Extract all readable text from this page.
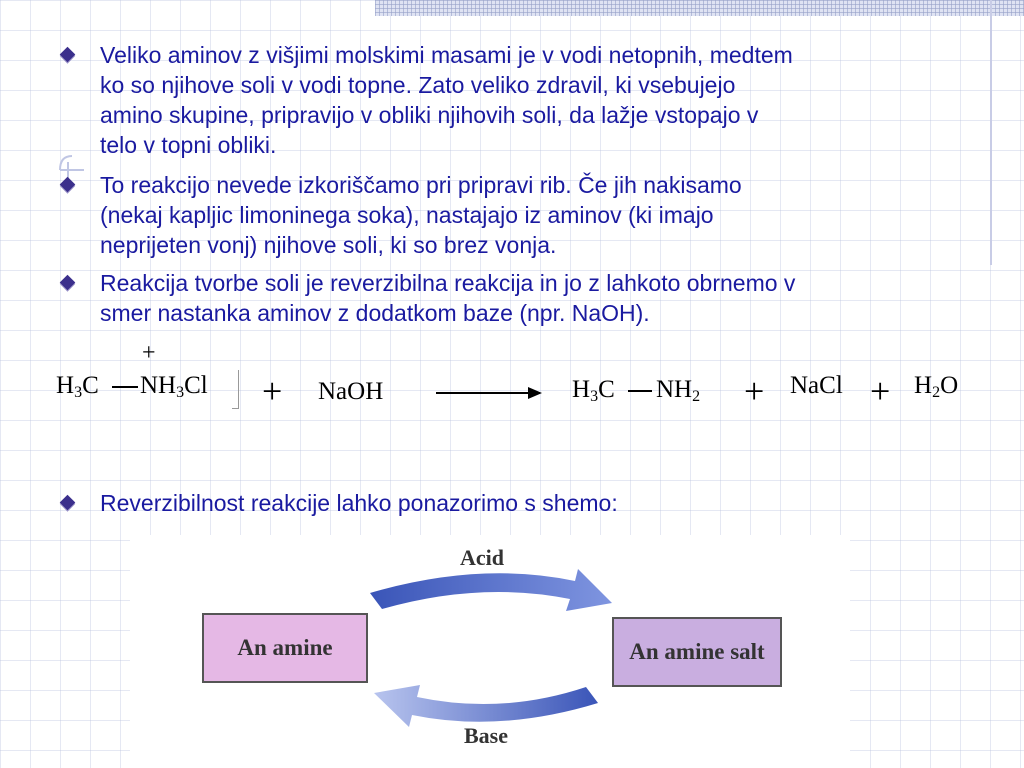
Veliko aminov z višjimi molskimi masami je v vodi netopnih, medtem
ko so njihove soli v vodi topne. Zato veliko zdravil, ki vsebujejo
amino skupine, pripravijo v obliki njihovih soli, da lažje vstopajo v
telo v topni obliki.
To reakcijo nevede izkoriščamo pri pripravi rib. Če jih nakisamo
(nekaj kapljic limoninega soka), nastajajo iz aminov (ki imajo
neprijeten vonj) njihove soli, ki so brez vonja.
Reakcija tvorbe soli je reverzibilna reakcija in jo z lahkoto obrnemo v
smer nastanka aminov z dodatkom baze (npr. NaOH).
+
$H_3C$ $NH_3Cl$ + NaOH	$H_3C$ $NH_2$ + NaCl + $H_2O$
Reverzibilnost reakcije lahko ponazorimo s shemo:
Acid
Base
An amine	An amine salt
